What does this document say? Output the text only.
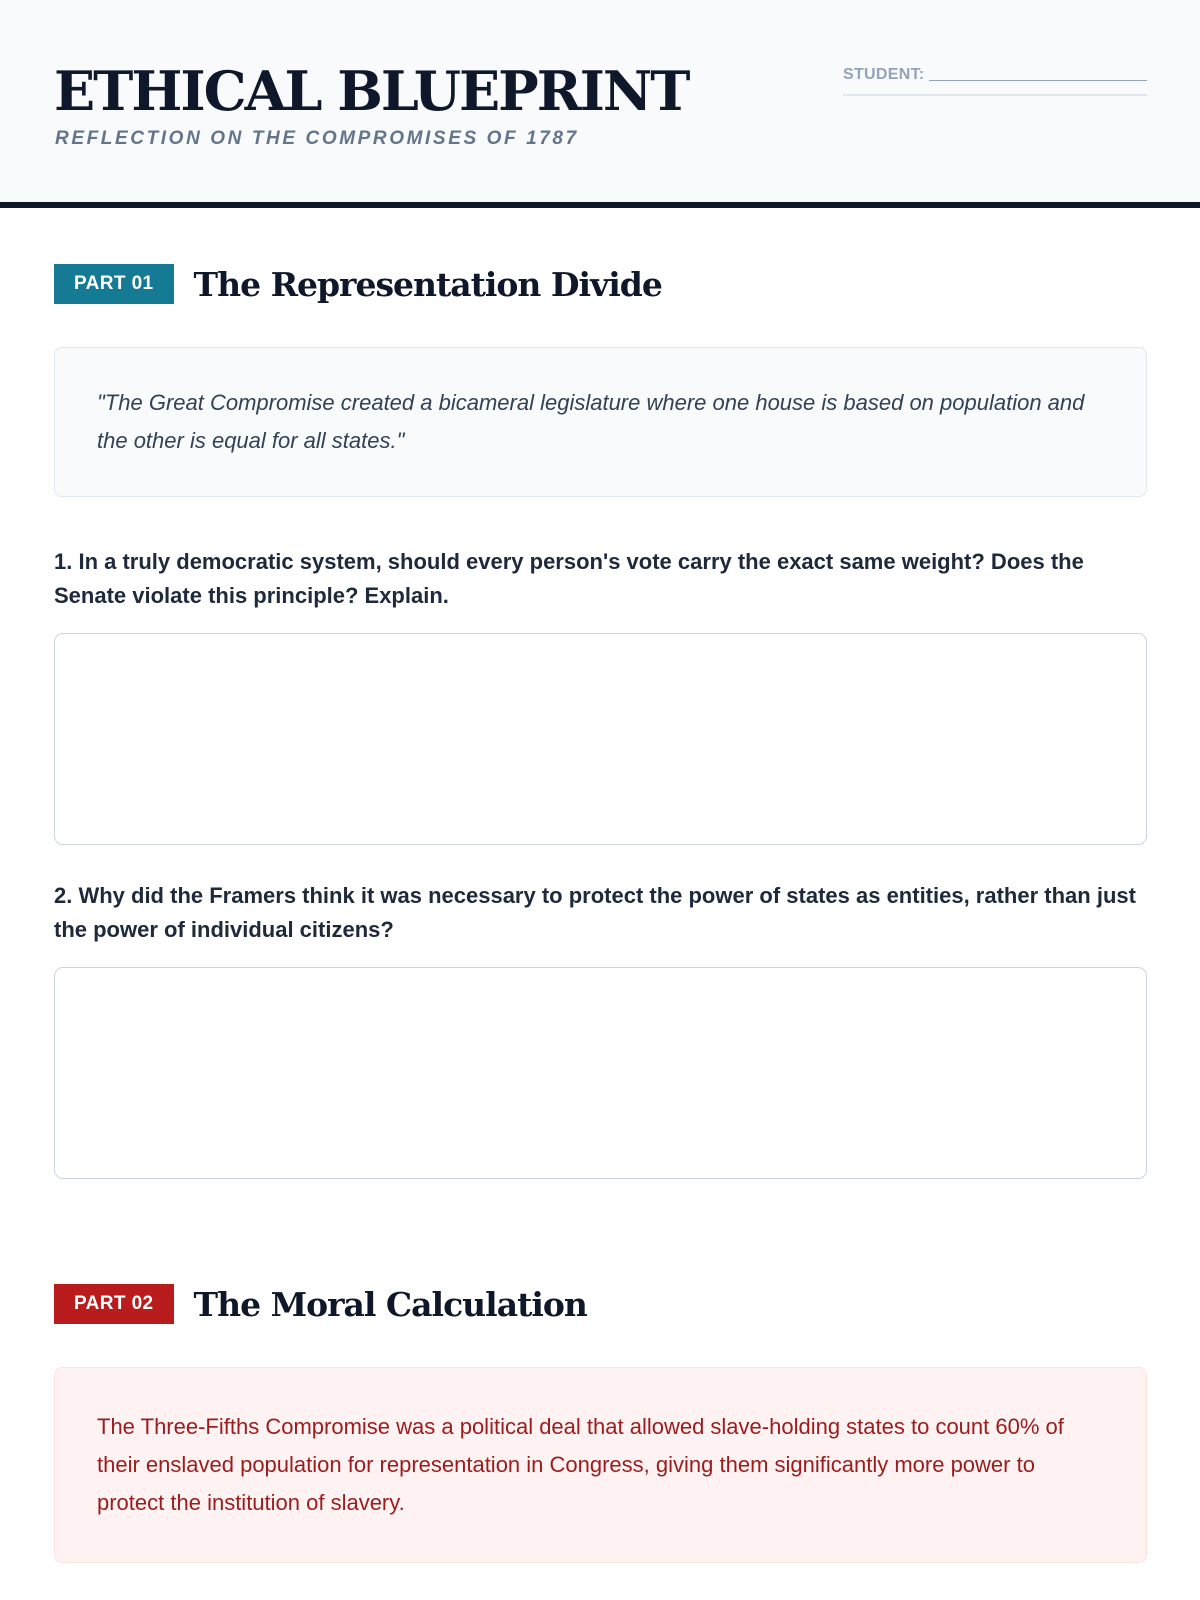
ETHICAL BLUEPRINT
REFLECTION ON THE COMPROMISES OF 1787
STUDENT:
PART 01	The Representation Divide
"The Great Compromise created a bicameral legislature where one house is based on population and the other is equal for all states."
1. In a truly democratic system, should every person's vote carry the exact same weight? Does the Senate violate this principle? Explain.
2. Why did the Framers think it was necessary to protect the power of states as entities, rather than just the power of individual citizens?
PART 02	The Moral Calculation
The Three-Fifths Compromise was a political deal that allowed slave-holding states to count 60% of their enslaved population for representation in Congress, giving them significantly more power to protect the institution of slavery.
